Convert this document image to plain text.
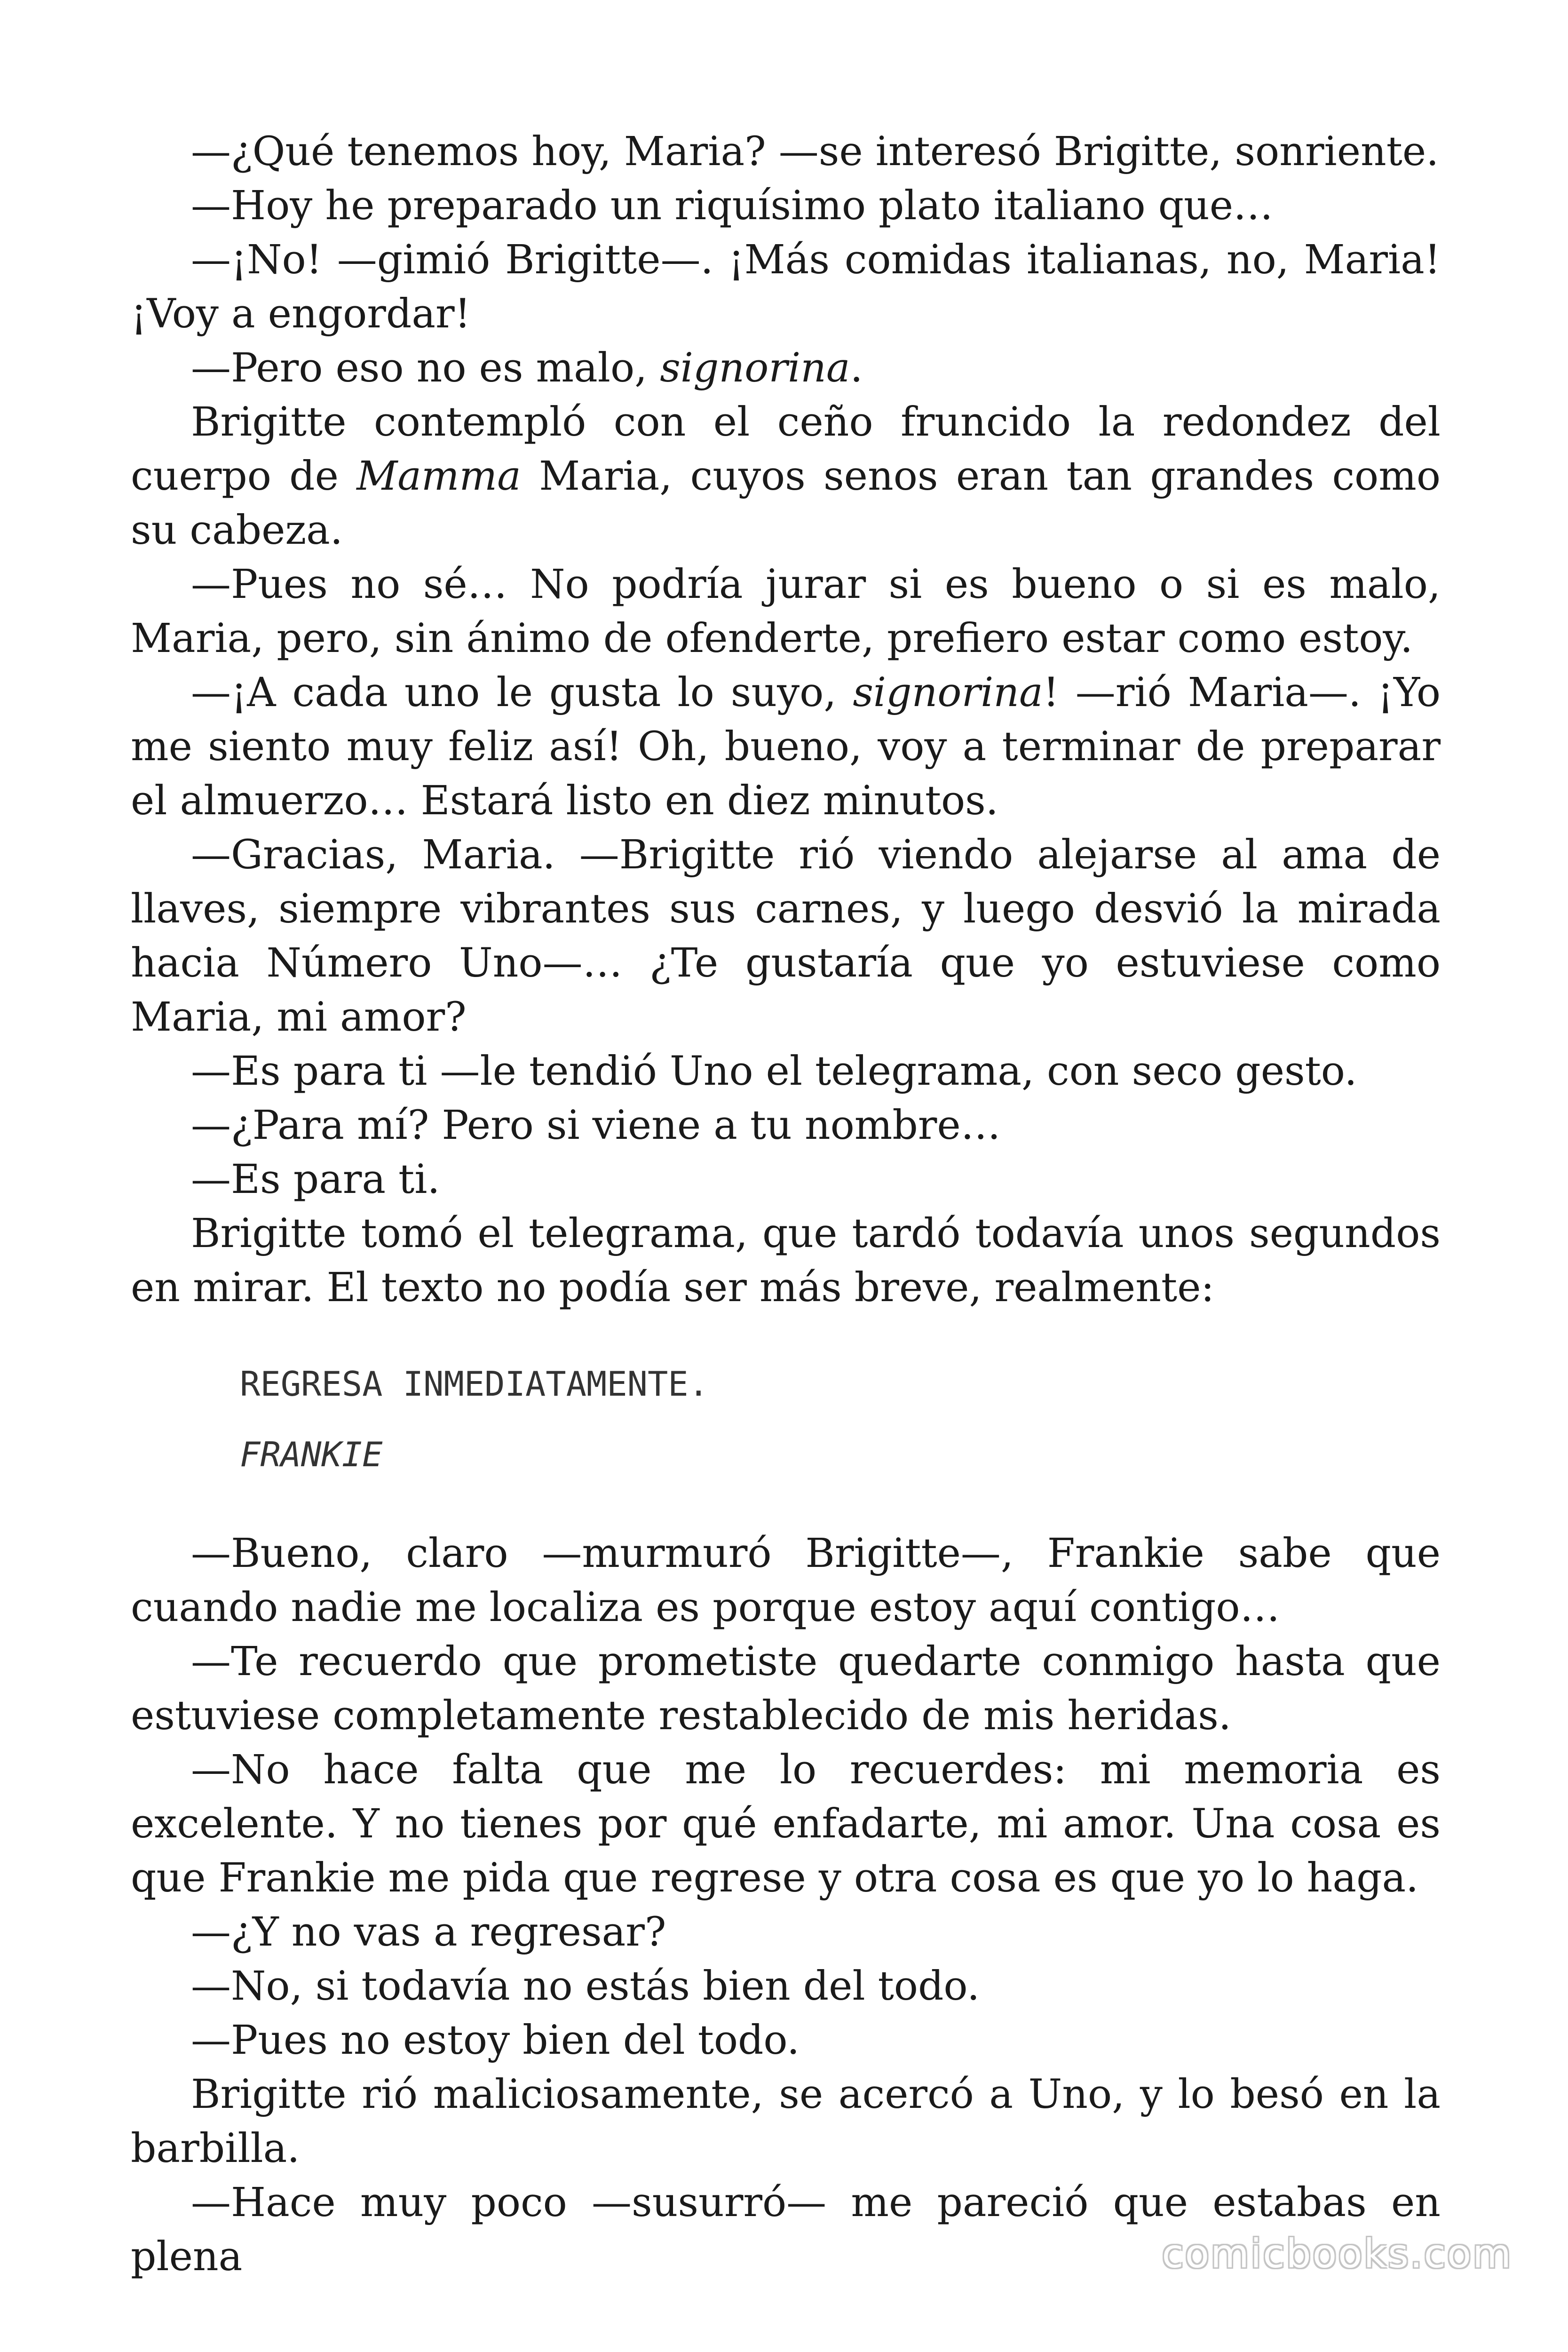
—¿Qué tenemos hoy, Maria? —se interesó Brigitte, sonriente.

—Hoy he preparado un riquísimo plato italiano que…

—¡No! —gimió Brigitte—. ¡Más comidas italianas, no, Maria! ¡Voy a engordar!

—Pero eso no es malo, signorina.

Brigitte contempló con el ceño fruncido la redondez del cuerpo de Mamma Maria, cuyos senos eran tan grandes como su cabeza.

—Pues no sé… No podría jurar si es bueno o si es malo, Maria, pero, sin ánimo de ofenderte, prefiero estar como estoy.

—¡A cada uno le gusta lo suyo, signorina! —rió Maria—. ¡Yo me siento muy feliz así! Oh, bueno, voy a terminar de preparar el almuerzo… Estará listo en diez minutos.

—Gracias, Maria. —Brigitte rió viendo alejarse al ama de llaves, siempre vibrantes sus carnes, y luego desvió la mirada hacia Número Uno—… ¿Te gustaría que yo estuviese como Maria, mi amor?

—Es para ti —le tendió Uno el telegrama, con seco gesto.

—¿Para mí? Pero si viene a tu nombre…

—Es para ti.

Brigitte tomó el telegrama, que tardó todavía unos segundos en mirar. El texto no podía ser más breve, realmente:

REGRESA INMEDIATAMENTE.

FRANKIE

—Bueno, claro —murmuró Brigitte—, Frankie sabe que cuando nadie me localiza es porque estoy aquí contigo…

—Te recuerdo que prometiste quedarte conmigo hasta que estuviese completamente restablecido de mis heridas.

—No hace falta que me lo recuerdes: mi memoria es excelente. Y no tienes por qué enfadarte, mi amor. Una cosa es que Frankie me pida que regrese y otra cosa es que yo lo haga.

—¿Y no vas a regresar?

—No, si todavía no estás bien del todo.

—Pues no estoy bien del todo.

Brigitte rió maliciosamente, se acercó a Uno, y lo besó en la barbilla.

—Hace muy poco —susurró— me pareció que estabas en plena	comicbooks.com
